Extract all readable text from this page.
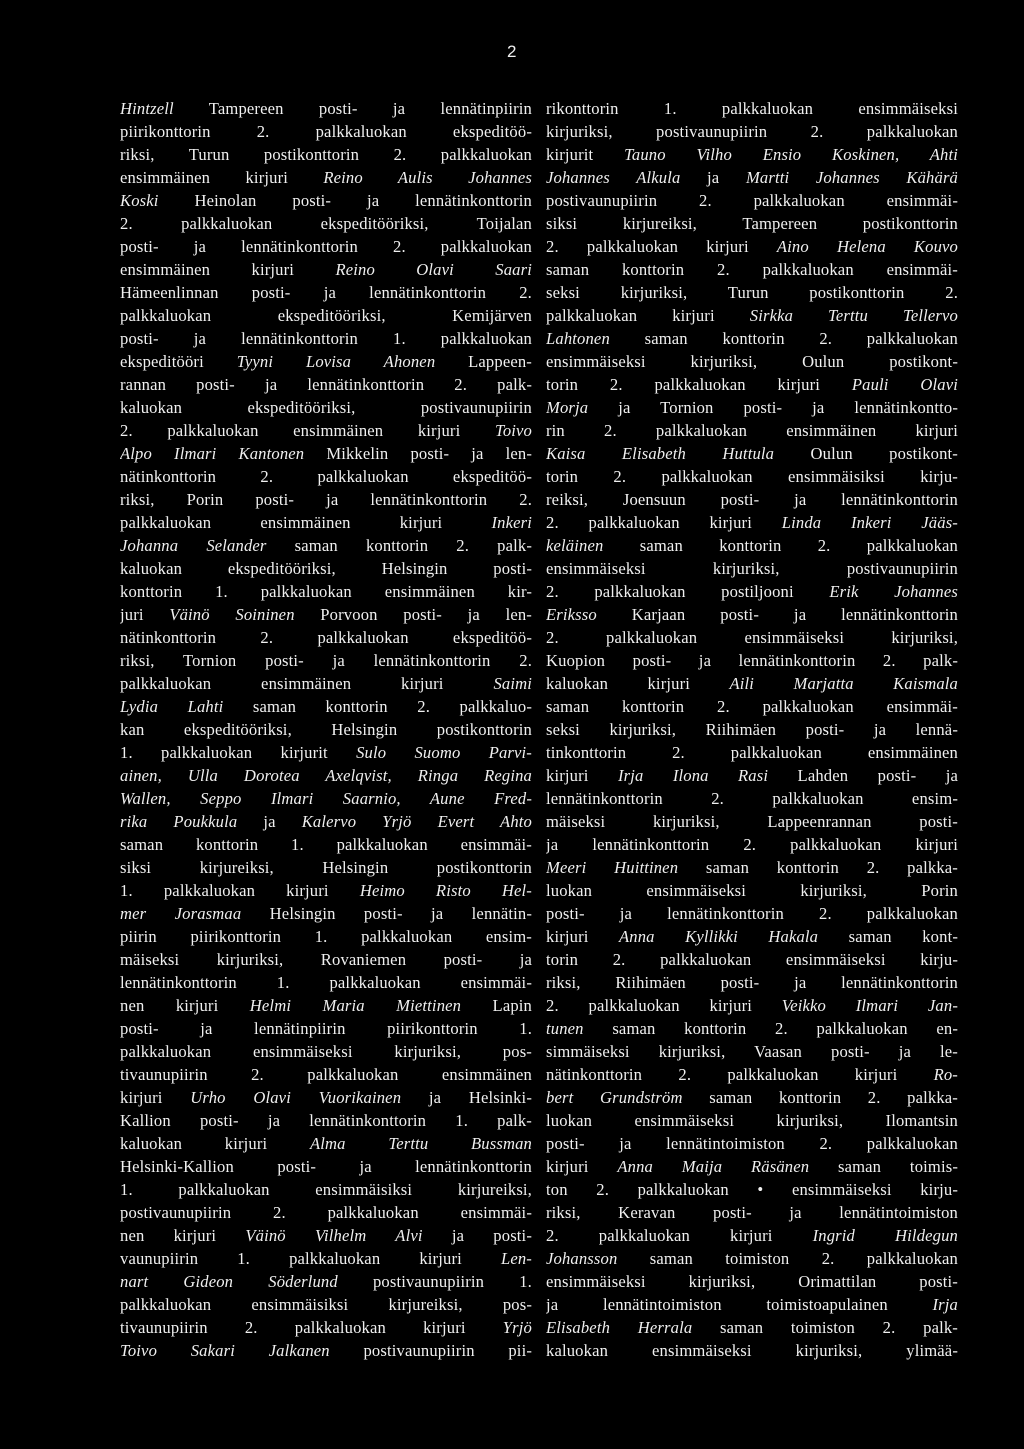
2
Hintzell Tampereen posti- ja lennätinpiirin
piirikonttorin 2. palkkaluokan ekspeditöö-
riksi, Turun postikonttorin 2. palkkaluokan
ensimmäinen kirjuri Reino Aulis Johannes
Koski Heinolan posti- ja lennätinkonttorin
2. palkkaluokan ekspeditööriksi, Toijalan
posti- ja lennätinkonttorin 2. palkkaluokan
ensimmäinen kirjuri Reino Olavi Saari
Hämeenlinnan posti- ja lennätinkonttorin 2.
palkkaluokan ekspeditööriksi, Kemijärven
posti- ja lennätinkonttorin 1. palkkaluokan
ekspeditööri Tyyni Lovisa Ahonen Lappeen-
rannan posti- ja lennätinkonttorin 2. palk-
kaluokan ekspeditööriksi, postivaunupiirin
2. palkkaluokan ensimmäinen kirjuri Toivo
Alpo Ilmari Kantonen Mikkelin posti- ja len-
nätinkonttorin 2. palkkaluokan ekspeditöö-
riksi, Porin posti- ja lennätinkonttorin 2.
palkkaluokan ensimmäinen kirjuri Inkeri
Johanna Selander saman konttorin 2. palk-
kaluokan ekspeditööriksi, Helsingin posti-
konttorin 1. palkkaluokan ensimmäinen kir-
juri Väinö Soininen Porvoon posti- ja len-
nätinkonttorin 2. palkkaluokan ekspeditöö-
riksi, Tornion posti- ja lennätinkonttorin 2.
palkkaluokan ensimmäinen kirjuri Saimi
Lydia Lahti saman konttorin 2. palkkaluo-
kan ekspeditööriksi, Helsingin postikonttorin
1. palkkaluokan kirjurit Sulo Suomo Parvi-
ainen, Ulla Dorotea Axelqvist, Ringa Regina
Wallen, Seppo Ilmari Saarnio, Aune Fred-
rika Poukkula ja Kalervo Yrjö Evert Ahto
saman konttorin 1. palkkaluokan ensimmäi-
siksi kirjureiksi, Helsingin postikonttorin
1. palkkaluokan kirjuri Heimo Risto Hel-
mer Jorasmaa Helsingin posti- ja lennätin-
piirin piirikonttorin 1. palkkaluokan ensim-
mäiseksi kirjuriksi, Rovaniemen posti- ja
lennätinkonttorin 1. palkkaluokan ensimmäi-
nen kirjuri Helmi Maria Miettinen Lapin
posti- ja lennätinpiirin piirikonttorin 1.
palkkaluokan ensimmäiseksi kirjuriksi, pos-
tivaunupiirin 2. palkkaluokan ensimmäinen
kirjuri Urho Olavi Vuorikainen ja Helsinki-
Kallion posti- ja lennätinkonttorin 1. palk-
kaluokan kirjuri Alma Terttu Bussman
Helsinki-Kallion posti- ja lennätinkonttorin
1. palkkaluokan ensimmäisiksi kirjureiksi,
postivaunupiirin 2. palkkaluokan ensimmäi-
nen kirjuri Väinö Vilhelm Alvi ja posti-
vaunupiirin 1. palkkaluokan kirjuri Len-
nart Gideon Söderlund postivaunupiirin 1.
palkkaluokan ensimmäisiksi kirjureiksi, pos-
tivaunupiirin 2. palkkaluokan kirjuri Yrjö
Toivo Sakari Jalkanen postivaunupiirin pii-
rikonttorin 1. palkkaluokan ensimmäiseksi
kirjuriksi, postivaunupiirin 2. palkkaluokan
kirjurit Tauno Vilho Ensio Koskinen, Ahti
Johannes Alkula ja Martti Johannes Kähärä
postivaunupiirin 2. palkkaluokan ensimmäi-
siksi kirjureiksi, Tampereen postikonttorin
2. palkkaluokan kirjuri Aino Helena Kouvo
saman konttorin 2. palkkaluokan ensimmäi-
seksi kirjuriksi, Turun postikonttorin 2.
palkkaluokan kirjuri Sirkka Terttu Tellervo
Lahtonen saman konttorin 2. palkkaluokan
ensimmäiseksi kirjuriksi, Oulun postikont-
torin 2. palkkaluokan kirjuri Pauli Olavi
Morja ja Tornion posti- ja lennätinkontto-
rin 2. palkkaluokan ensimmäinen kirjuri
Kaisa Elisabeth Huttula Oulun postikont-
torin 2. palkkaluokan ensimmäisiksi kirju-
reiksi, Joensuun posti- ja lennätinkonttorin
2. palkkaluokan kirjuri Linda Inkeri Jääs-
keläinen saman konttorin 2. palkkaluokan
ensimmäiseksi kirjuriksi, postivaunupiirin
2. palkkaluokan postiljooni Erik Johannes
Eriksso Karjaan posti- ja lennätinkonttorin
2. palkkaluokan ensimmäiseksi kirjuriksi,
Kuopion posti- ja lennätinkonttorin 2. palk-
kaluokan kirjuri Aili Marjatta Kaismala
saman konttorin 2. palkkaluokan ensimmäi-
seksi kirjuriksi, Riihimäen posti- ja lennä-
tinkonttorin 2. palkkaluokan ensimmäinen
kirjuri Irja Ilona Rasi Lahden posti- ja
lennätinkonttorin 2. palkkaluokan ensim-
mäiseksi kirjuriksi, Lappeenrannan posti-
ja lennätinkonttorin 2. palkkaluokan kirjuri
Meeri Huittinen saman konttorin 2. palkka-
luokan ensimmäiseksi kirjuriksi, Porin
posti- ja lennätinkonttorin 2. palkkaluokan
kirjuri Anna Kyllikki Hakala saman kont-
torin 2. palkkaluokan ensimmäiseksi kirju-
riksi, Riihimäen posti- ja lennätinkonttorin
2. palkkaluokan kirjuri Veikko Ilmari Jan-
tunen saman konttorin 2. palkkaluokan en-
simmäiseksi kirjuriksi, Vaasan posti- ja le-
nätinkonttorin 2. palkkaluokan kirjuri Ro-
bert Grundström saman konttorin 2. palkka-
luokan ensimmäiseksi kirjuriksi, Ilomantsin
posti- ja lennätintoimiston 2. palkkaluokan
kirjuri Anna Maija Räsänen saman toimis-
ton 2. palkkaluokan • ensimmäiseksi kirju-
riksi, Keravan posti- ja lennätintoimiston
2. palkkaluokan kirjuri Ingrid Hildegun
Johansson saman toimiston 2. palkkaluokan
ensimmäiseksi kirjuriksi, Orimattilan posti-
ja lennätintoimiston toimistoapulainen Irja
Elisabeth Herrala saman toimiston 2. palk-
kaluokan ensimmäiseksi kirjuriksi, ylimää-
